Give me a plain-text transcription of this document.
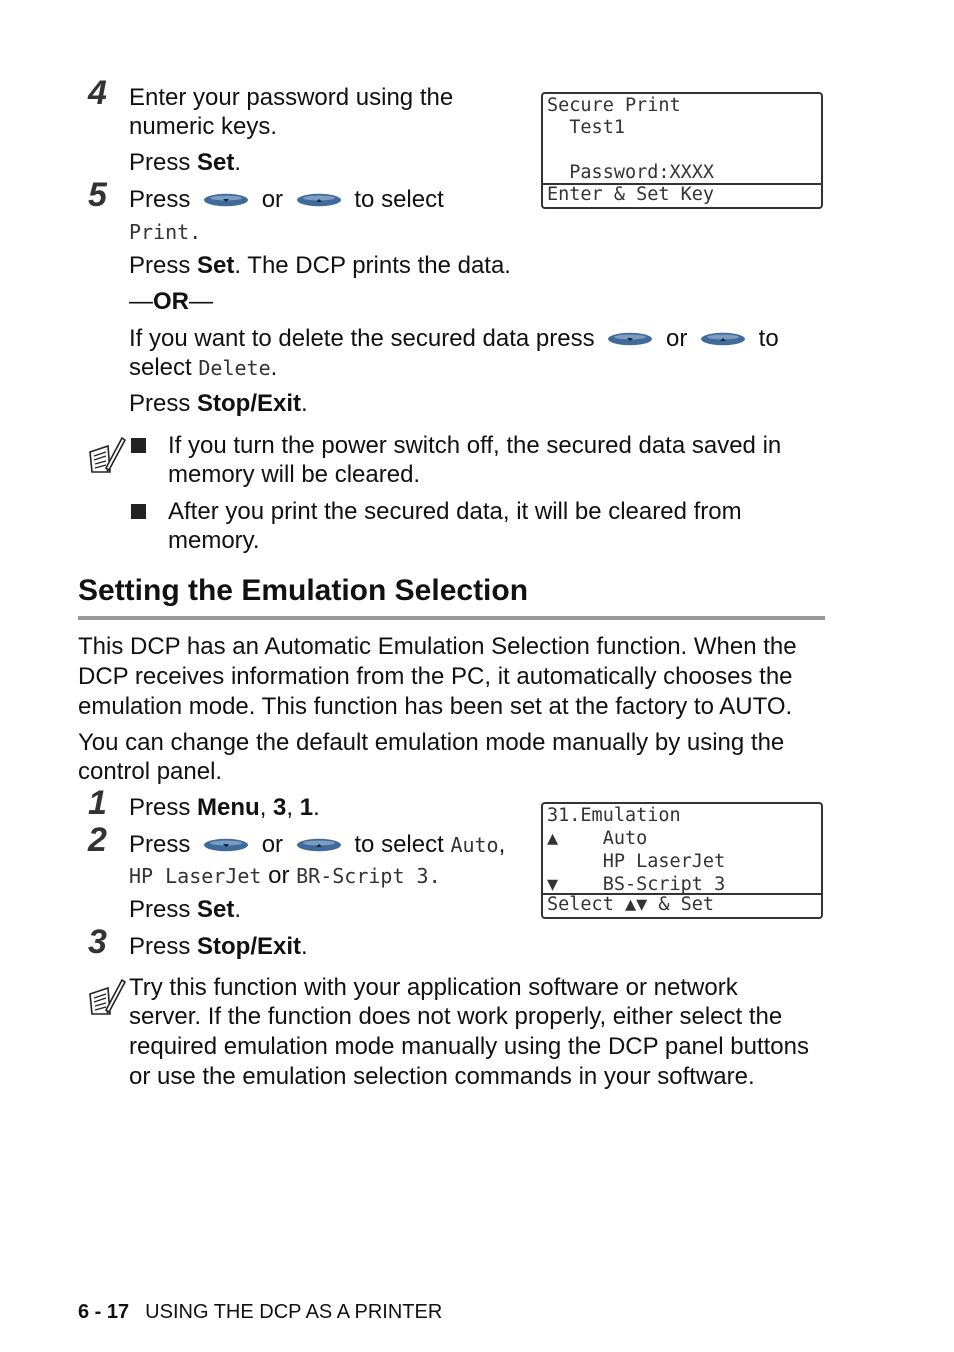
4 Enter your password using the
numeric keys.
Press Set.
Secure Print
Test1
Password:XXXX
Enter & Set Key
5 Press	or	to select
Print.
Press Set. The DCP prints the data.
—OR—
If you want to delete the secured data press	or	to
select Delete.
Press Stop/Exit.
If you turn the power switch off, the secured data saved in
memory will be cleared.
After you print the secured data, it will be cleared from
memory.
Setting the Emulation Selection
This DCP has an Automatic Emulation Selection function. When the
DCP receives information from the PC, it automatically chooses the
emulation mode. This function has been set at the factory to AUTO.
You can change the default emulation mode manually by using the
control panel.
1 Press Menu, 3, 1.
2 Press	or	to select Auto,
HP LaserJet or BR-Script 3.
Press Set.
31.Emulation
▲    Auto
HP LaserJet
▼    BS-Script 3
Select ▲▼ & Set
3 Press Stop/Exit.
Try this function with your application software or network
server. If the function does not work properly, either select the
required emulation mode manually using the DCP panel buttons
or use the emulation selection commands in your software.
6 - 17 USING THE DCP AS A PRINTER
